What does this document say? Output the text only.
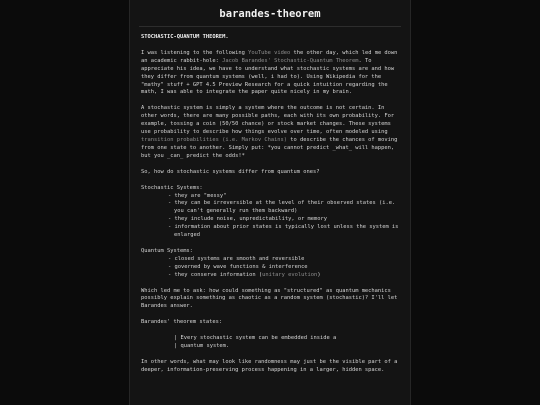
barandes-theorem

STOCHASTIC-QUANTUM THEOREM.

I was listening to the following YouTube video the other day, which led me down an academic rabbit-hole: Jacob Barandes' Stochastic-Quantum Theorem. To appreciate his idea, we have to understand what stochastic systems are and how they differ from quantum systems (well, i had to). Using Wikipedia for the "mathy" stuff + GPT 4.5 Preview Research for a quick intuition regarding the math, I was able to integrate the paper quite nicely in my brain.

A stochastic system is simply a system where the outcome is not certain. In other words, there are many possible paths, each with its own probability. For example, tossing a coin (50/50 chance) or stock market changes. These systems use probability to describe how things evolve over time, often modeled using transition probabilities (i.e. Markov Chains) to describe the chances of moving from one state to another. Simply put: *you cannot predict _what_ will happen, but you _can_ predict the odds!*

So, how do stochastic systems differ from quantum ones?

Stochastic Systems:
- they are "messy"
- they can be irreversible at the level of their observed states (i.e. you can't generally run them backward)
- they include noise, unpredictability, or memory
- information about prior states is typically lost unless the system is enlarged
Quantum Systems:
- closed systems are smooth and reversible
- governed by wave functions & interference
- they conserve information (unitary evolution)

Which led me to ask: how could something as "structured" as quantum mechanics possibly explain something as chaotic as a random system (stochastic)? I'll let Barandes answer.

Barandes' theorem states:

| Every stochastic system can be embedded inside a
| quantum system.

In other words, what may look like randomness may just be the visible part of a deeper, information-preserving process happening in a larger, hidden space.
